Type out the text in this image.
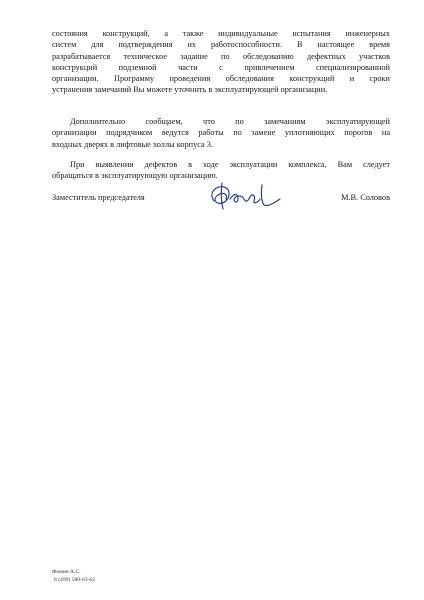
состояния конструкций, а также индивидуальные испытания инженерных
систем для подтверждения их работоспособности. В настоящее время
разрабатывается техническое задание по обследованию дефектных участков
конструкций подземной части с привлечением специализированной
организации. Программу проведения обследования конструкций и сроки
устранения замечаний Вы можете уточнить в эксплуатирующей организации.
Дополнительно сообщаем, что по замечаниям эксплуатирующей
организации подрядчиком ведутся работы по замене уплотняющих порогов на
входных дверях в лифтовые холлы корпуса 3.
При выявлении дефектов в ходе эксплуатации комплекса, Вам следует
обращаться в эксплуатирующую организацию.
Заместитель председателя	М.В. Соловов
Фомин А.С.
8 (499) 580-63-62
